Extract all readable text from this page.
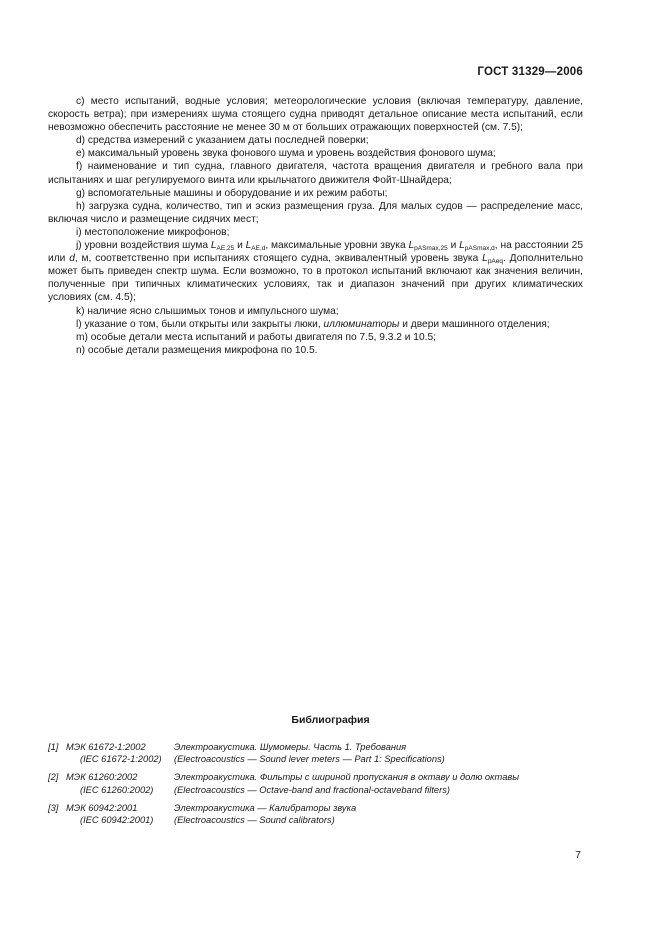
ГОСТ 31329—2006

c) место испытаний, водные условия; метеорологические условия (включая температуру, давление, скорость ветра); при измерениях шума стоящего судна приводят детальное описание места испытаний, если невозможно обеспечить расстояние не менее 30 м от больших отражающих поверхностей (см. 7.5);

d) средства измерений с указанием даты последней поверки;

e) максимальный уровень звука фонового шума и уровень воздействия фонового шума;

f) наименование и тип судна, главного двигателя, частота вращения двигателя и гребного вала при испытаниях и шаг регулируемого винта или крыльчатого движителя Фойт-Шнайдера;

g) вспомогательные машины и оборудование и их режим работы;

h) загрузка судна, количество, тип и эскиз размещения груза. Для малых судов — распределение масс, включая число и размещение сидячих мест;

i) местоположение микрофонов;

j) уровни воздействия шума $L_{AE,25}$ и $L_{AE,d}$, максимальные уровни звука $L_{pASmax,25}$ и $L_{pASmax,d}$, на расстоянии 25 или d, м, соответственно при испытаниях стоящего судна, эквивалентный уровень звука $L_{pAeq}$. Дополнительно может быть приведен спектр шума. Если возможно, то в протокол испытаний включают как значения величин, полученные при типичных климатических условиях, так и диапазон значений при других климатических условиях (см. 4.5);

k) наличие ясно слышимых тонов и импульсного шума;

l) указание о том, были открыты или закрыты люки, иллюминаторы и двери машинного отделения;

m) особые детали места испытаний и работы двигателя по 7.5, 9.3.2 и 10.5;

n) особые детали размещения микрофона по 10.5.

Библиография
[1] МЭК 61672-1:2002
(IEC 61672-1:2002)
Электроакустика. Шумомеры. Часть 1. Требования
(Electroacoustics — Sound lever meters — Part 1: Specifications)
[2] МЭК 61260:2002
(IEC 61260:2002)
Электроакустика. Фильтры с шириной пропускания в октаву и долю октавы
(Electroacoustics — Octave-band and fractional-octaveband filters)
[3] МЭК 60942:2001
(IEC 60942:2001)
Электроакустика — Калибраторы звука
(Electroacoustics — Sound calibrators)
7
